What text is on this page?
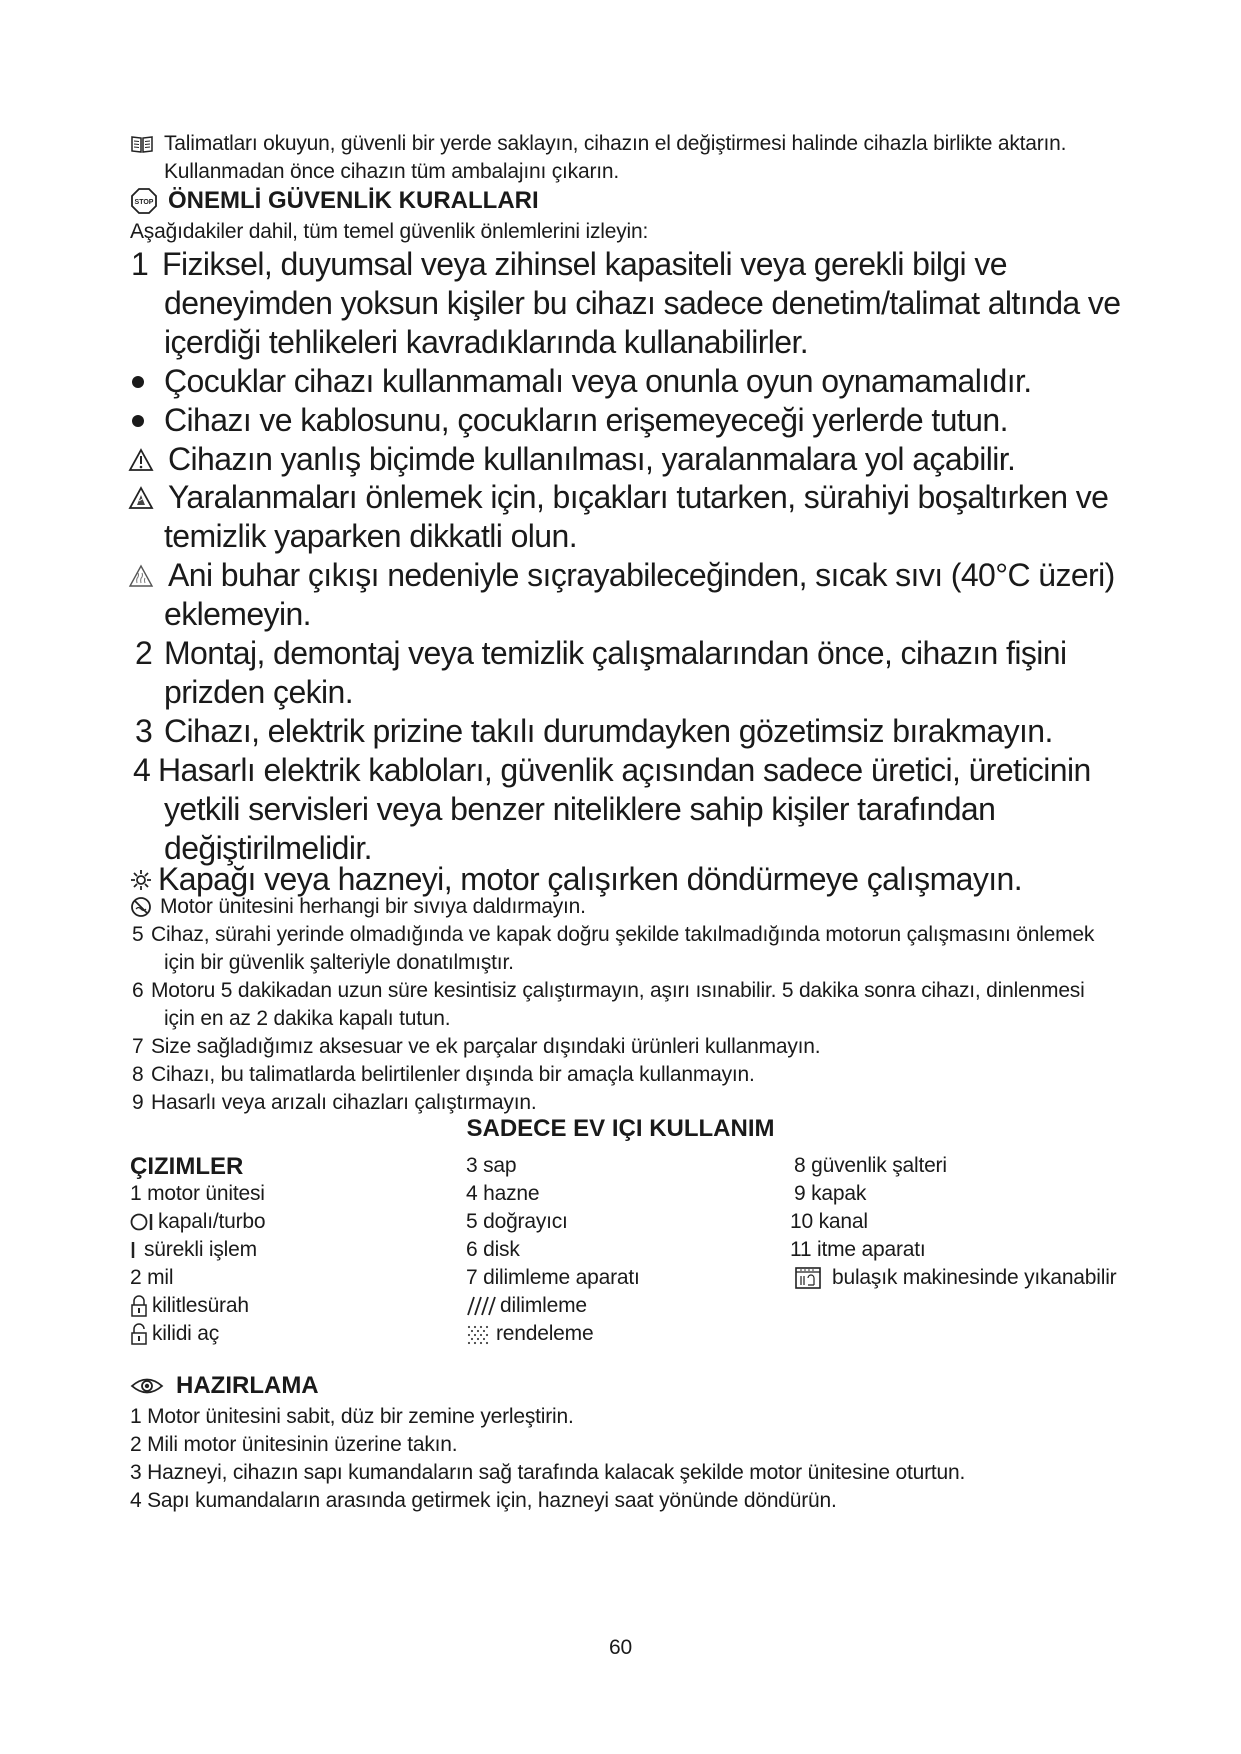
Talimatları okuyun, güvenli bir yerde saklayın, cihazın el değiştirmesi halinde cihazla birlikte aktarın.
Kullanmadan önce cihazın tüm ambalajını çıkarın.
STOP ÖNEMLİ GÜVENLİK KURALLARI
Aşağıdakiler dahil, tüm temel güvenlik önlemlerini izleyin:
1 Fiziksel, duyumsal veya zihinsel kapasiteli veya gerekli bilgi ve
deneyimden yoksun kişiler bu cihazı sadece denetim/talimat altında ve
içerdiği tehlikeleri kavradıklarında kullanabilirler.
Çocuklar cihazı kullanmamalı veya onunla oyun oynamamalıdır.
Cihazı ve kablosunu, çocukların erişemeyeceği yerlerde tutun.
Cihazın yanlış biçimde kullanılması, yaralanmalara yol açabilir.
Yaralanmaları önlemek için, bıçakları tutarken, sürahiyi boşaltırken ve
temizlik yaparken dikkatli olun.
Ani buhar çıkışı nedeniyle sıçrayabileceğinden, sıcak sıvı (40°C üzeri)
eklemeyin.
2 Montaj, demontaj veya temizlik çalışmalarından önce, cihazın fişini
prizden çekin.
3 Cihazı, elektrik prizine takılı durumdayken gözetimsiz bırakmayın.
4 Hasarlı elektrik kabloları, güvenlik açısından sadece üretici, üreticinin
yetkili servisleri veya benzer niteliklere sahip kişiler tarafından
değiştirilmelidir.
Kapağı veya hazneyi, motor çalışırken döndürmeye çalışmayın.
Motor ünitesini herhangi bir sıvıya daldırmayın.
5 Cihaz, sürahi yerinde olmadığında ve kapak doğru şekilde takılmadığında motorun çalışmasını önlemek
için bir güvenlik şalteriyle donatılmıştır.
6 Motoru 5 dakikadan uzun süre kesintisiz çalıştırmayın, aşırı ısınabilir. 5 dakika sonra cihazı, dinlenmesi
için en az 2 dakika kapalı tutun.
7 Size sağladığımız aksesuar ve ek parçalar dışındaki ürünleri kullanmayın.
8 Cihazı, bu talimatlarda belirtilenler dışında bir amaçla kullanmayın.
9 Hasarlı veya arızalı cihazları çalıştırmayın.
SADECE EV IÇI KULLANIM
ÇIZIMLER
1 motor ünitesi
kapalı/turbo
sürekli işlem
2 mil
kilitlesürah
kilidi aç
3 sap
4 hazne
5 doğrayıcı
6 disk
7 dilimleme aparatı
dilimleme
rendeleme
8 güvenlik şalteri
9 kapak
10 kanal
11 itme aparatı
bulaşık makinesinde yıkanabilir
HAZIRLAMA
1 Motor ünitesini sabit, düz bir zemine yerleştirin.
2 Mili motor ünitesinin üzerine takın.
3 Hazneyi, cihazın sapı kumandaların sağ tarafında kalacak şekilde motor ünitesine oturtun.
4 Sapı kumandaların arasında getirmek için, hazneyi saat yönünde döndürün.
60
